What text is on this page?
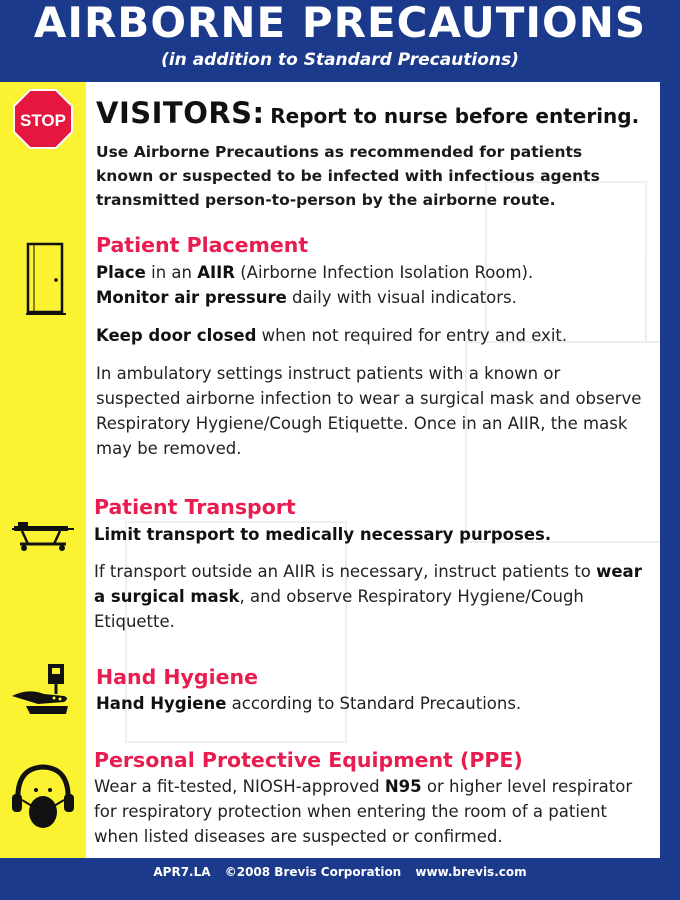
AIRBORNE PRECAUTIONS
(in addition to Standard Precautions)
STOP VISITORS: Report to nurse before entering.

Use Airborne Precautions as recommended for patients known or suspected to be infected with infectious agents transmitted person-to-person by the airborne route.

Patient Placement

Place in an AIIR (Airborne Infection Isolation Room).
Monitor air pressure daily with visual indicators.

Keep door closed when not required for entry and exit.

In ambulatory settings instruct patients with a known or suspected airborne infection to wear a surgical mask and observe Respiratory Hygiene/Cough Etiquette. Once in an AIIR, the mask may be removed.

Patient Transport

Limit transport to medically necessary purposes.

If transport outside an AIIR is necessary, instruct patients to wear a surgical mask, and observe Respiratory Hygiene/Cough Etiquette.

Hand Hygiene

Hand Hygiene according to Standard Precautions.

Personal Protective Equipment (PPE)

Wear a fit-tested, NIOSH-approved N95 or higher level respirator for respiratory protection when entering the room of a patient when listed diseases are suspected or confirmed.

APR7.LA ©2008 Brevis Corporation www.brevis.com
